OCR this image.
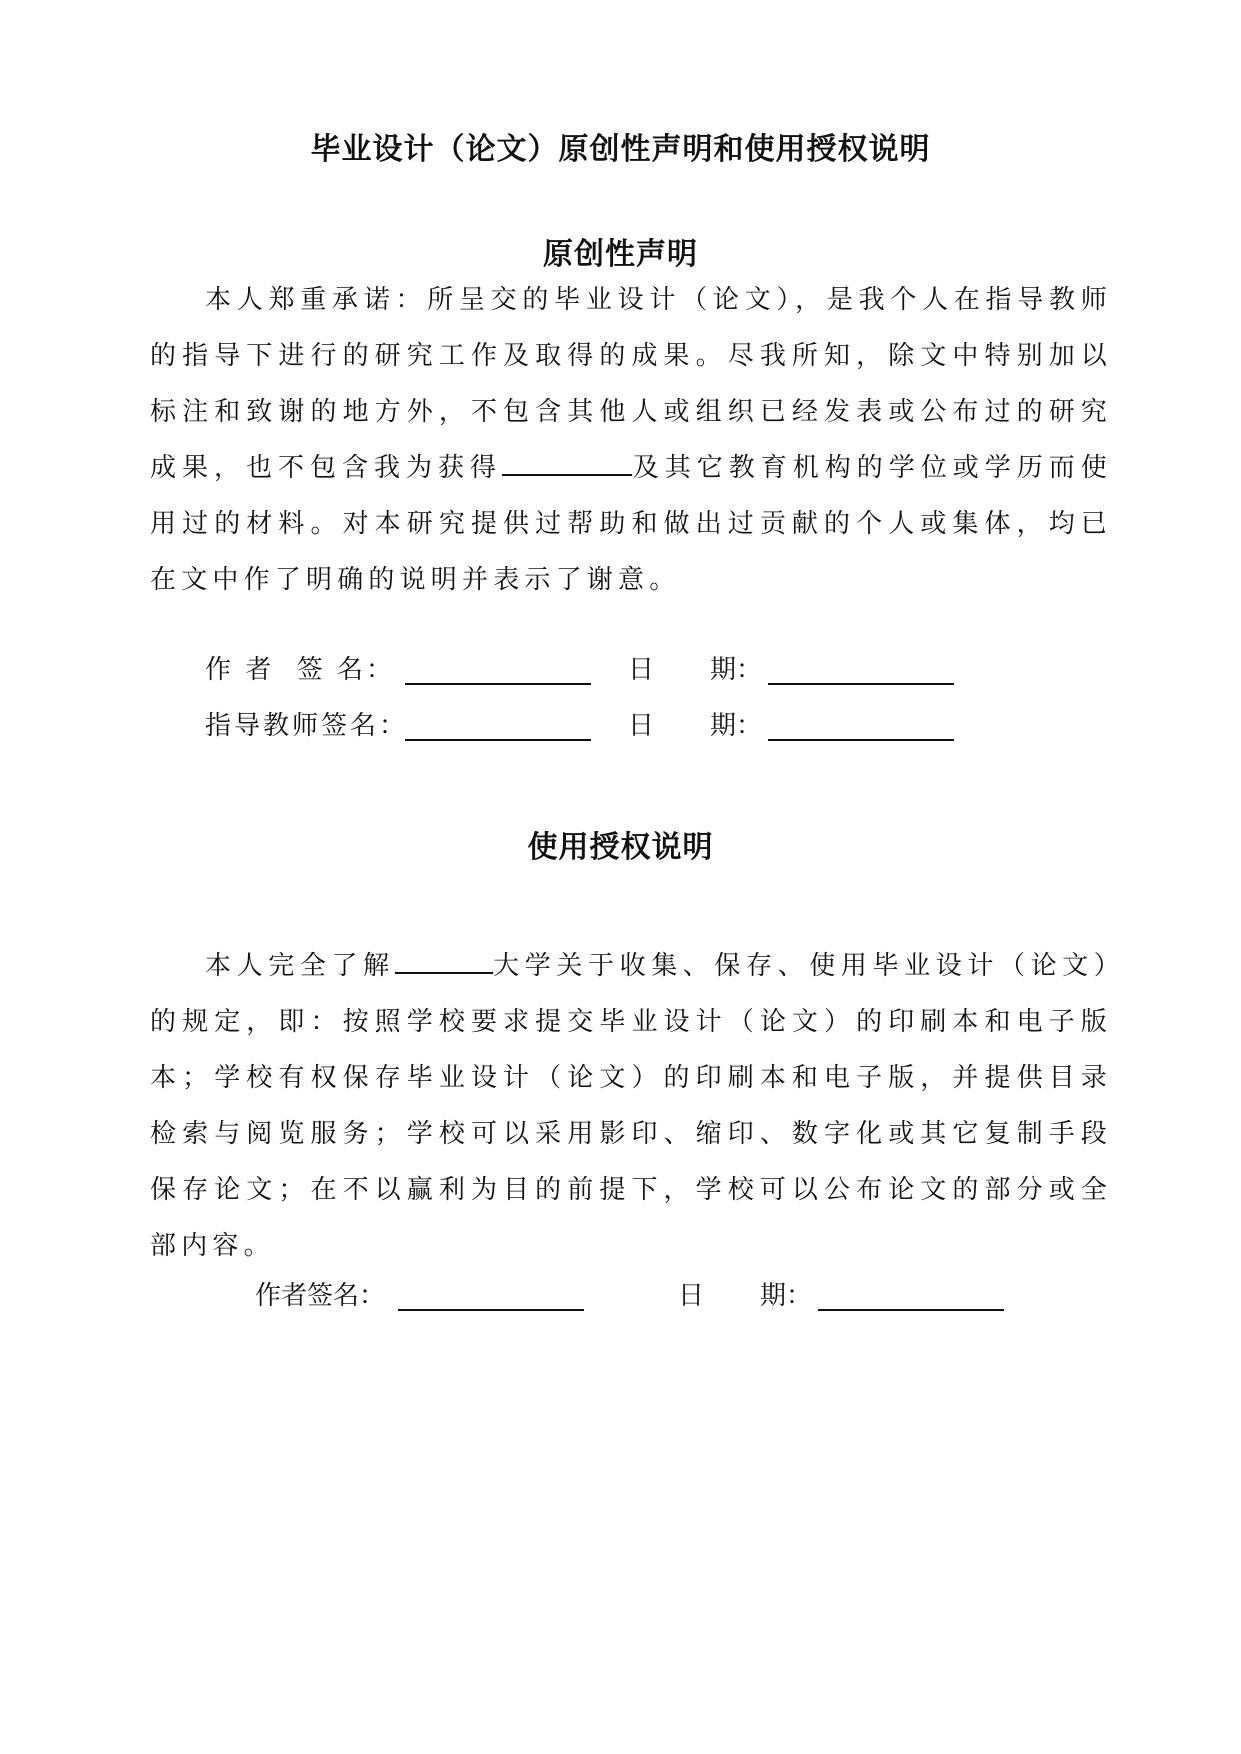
毕业设计（论文）原创性声明和使用授权说明
原创性声明

本人郑重承诺：所呈交的毕业设计（论文），是我个人在指导教师的指导下进行的研究工作及取得的成果。尽我所知，除文中特别加以标注和致谢的地方外，不包含其他人或组织已经发表或公布过的研究成果，也不包含我为获得	及其它教育机构的学位或学历而使用过的材料。对本研究提供过帮助和做出过贡献的个人或集体，均已在文中作了明确的说明并表示了谢意。

作 者  签 名：	日 期：
指导教师签名：	日 期：
使用授权说明

本人完全了解	大学关于收集、保存、使用毕业设计（论文）的规定，即：按照学校要求提交毕业设计（论文）的印刷本和电子版本；学校有权保存毕业设计（论文）的印刷本和电子版，并提供目录检索与阅览服务；学校可以采用影印、缩印、数字化或其它复制手段保存论文；在不以赢利为目的前提下，学校可以公布论文的部分或全部内容。

作者签名：	日 期：
